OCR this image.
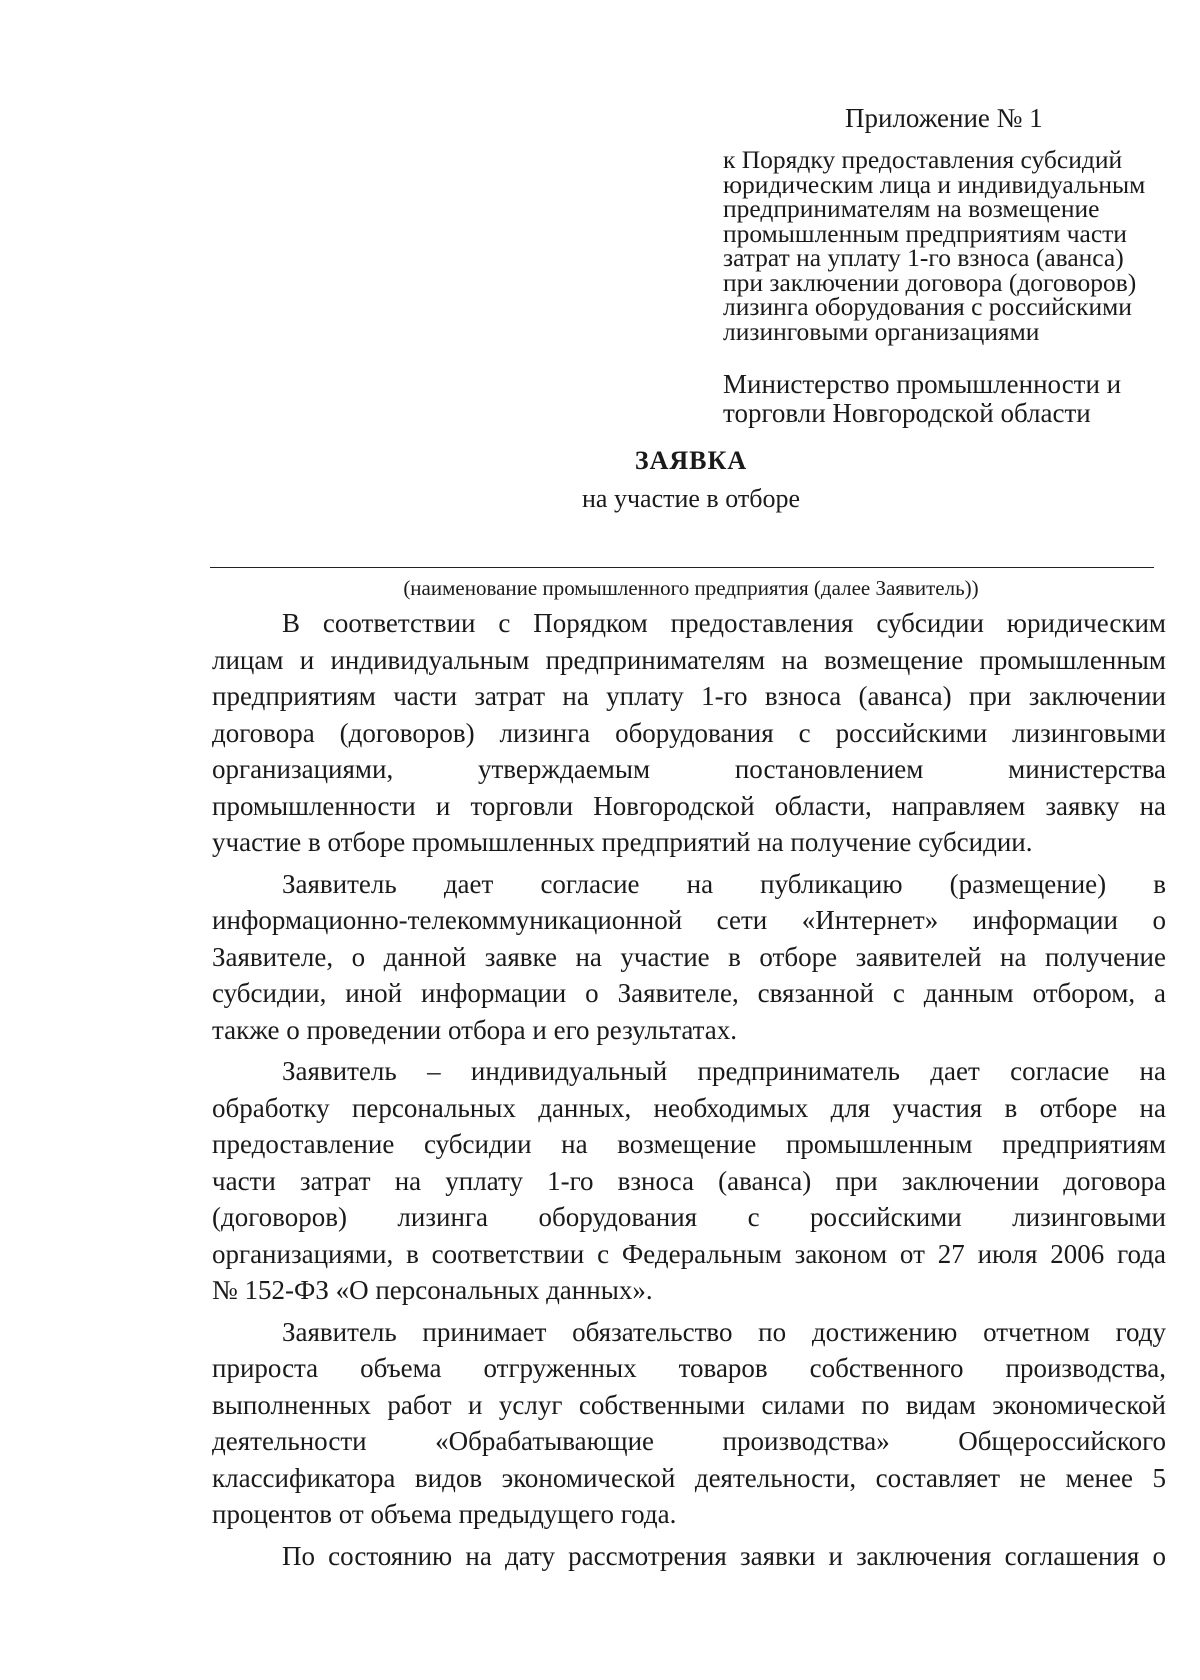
Приложение № 1

к Порядку предоставления субсидий
юридическим лица и индивидуальным
предпринимателям на возмещение
промышленным предприятиям части
затрат на уплату 1-го взноса (аванса)
при заключении договора (договоров)
лизинга оборудования с российскими
лизинговыми организациями
Министерство промышленности и
торговли Новгородской области
ЗАЯВКА

на участие в отборе

(наименование промышленного предприятия (далее Заявитель))
В соответствии с Порядком предоставления субсидии юридическим
лицам и индивидуальным предпринимателям на возмещение промышленным
предприятиям части затрат на уплату 1-го взноса (аванса) при заключении
договора (договоров) лизинга оборудования с российскими лизинговыми
организациями, утверждаемым постановлением министерства
промышленности и торговли Новгородской области, направляем заявку на
участие в отборе промышленных предприятий на получение субсидии.
Заявитель дает согласие на публикацию (размещение) в
информационно-телекоммуникационной сети «Интернет» информации о
Заявителе, о данной заявке на участие в отборе заявителей на получение
субсидии, иной информации о Заявителе, связанной с данным отбором, а
также о проведении отбора и его результатах.
Заявитель – индивидуальный предприниматель дает согласие на
обработку персональных данных, необходимых для участия в отборе на
предоставление субсидии на возмещение промышленным предприятиям
части затрат на уплату 1-го взноса (аванса) при заключении договора
(договоров) лизинга оборудования с российскими лизинговыми
организациями, в соответствии с Федеральным законом от 27 июля 2006 года
№ 152-ФЗ «О персональных данных».
Заявитель принимает обязательство по достижению отчетном году
прироста объема отгруженных товаров собственного производства,
выполненных работ и услуг собственными силами по видам экономической
деятельности «Обрабатывающие производства» Общероссийского
классификатора видов экономической деятельности, составляет не менее 5
процентов от объема предыдущего года.
По состоянию на дату рассмотрения заявки и заключения соглашения о
